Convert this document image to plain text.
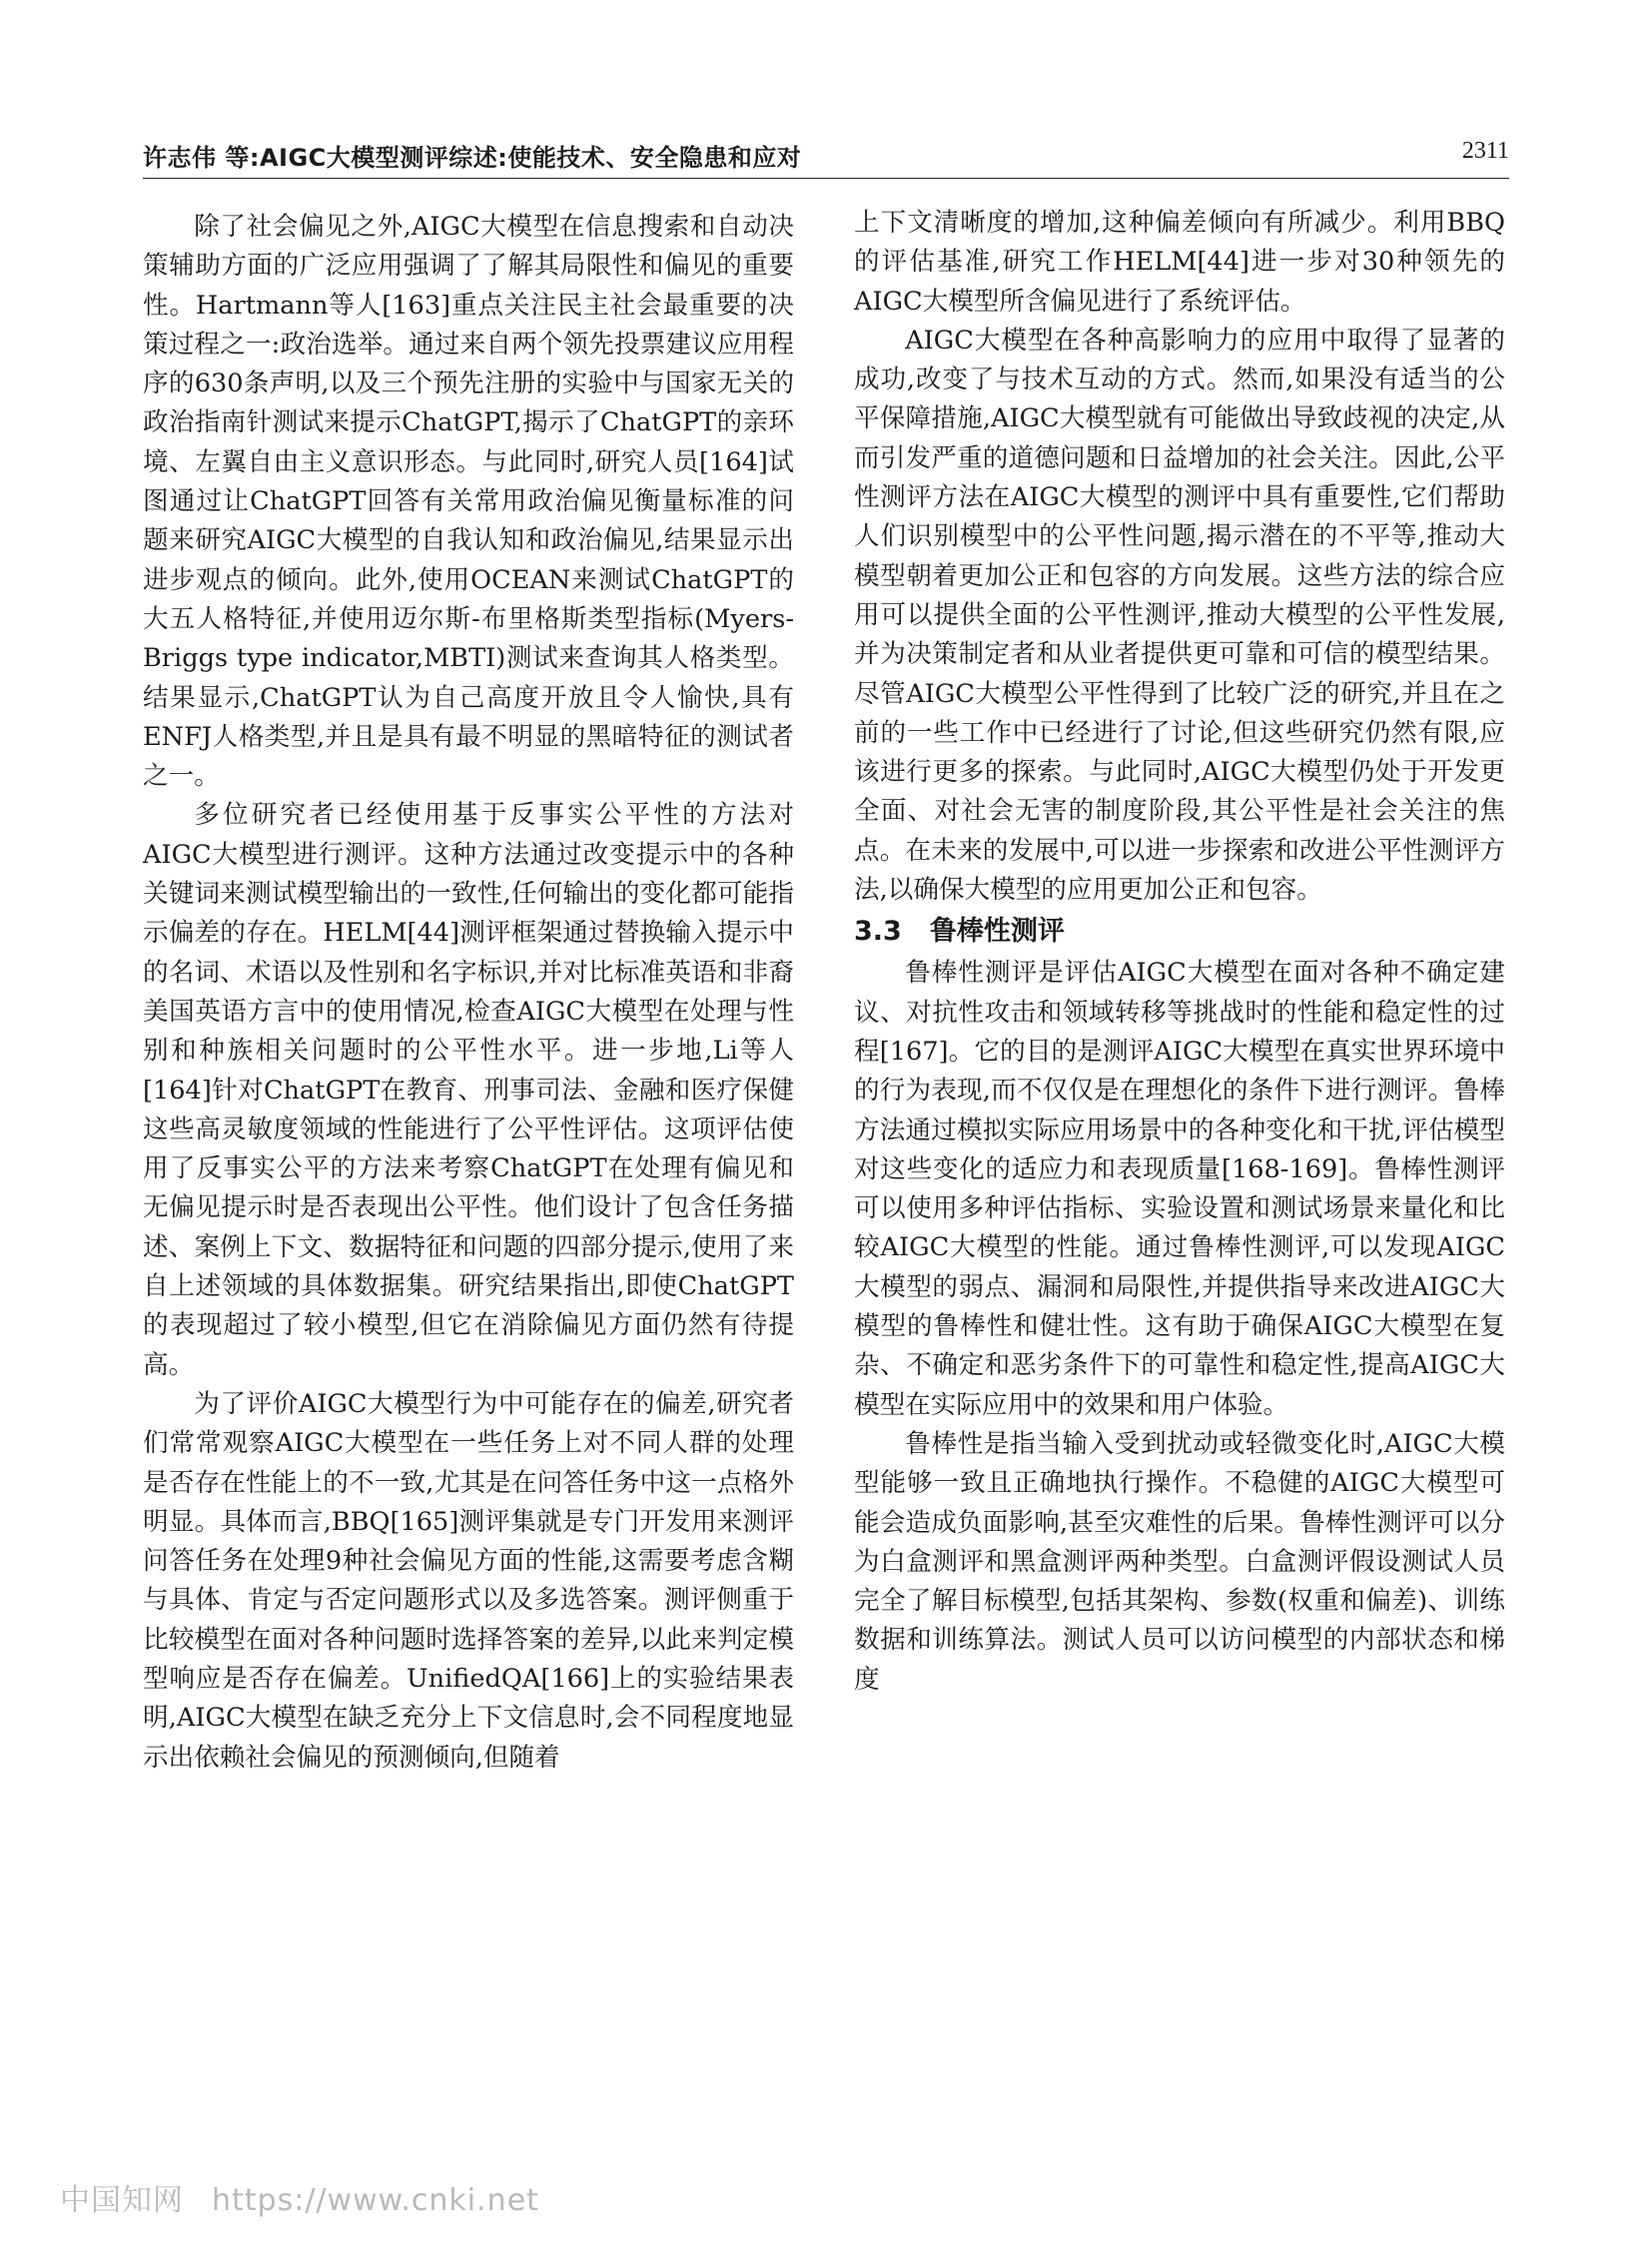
许志伟 等:AIGC大模型测评综述:使能技术、安全隐患和应对	2311

除了社会偏见之外,AIGC大模型在信息搜索和自动决策辅助方面的广泛应用强调了了解其局限性和偏见的重要性。Hartmann等人[163]重点关注民主社会最重要的决策过程之一:政治选举。通过来自两个领先投票建议应用程序的630条声明,以及三个预先注册的实验中与国家无关的政治指南针测试来提示ChatGPT,揭示了ChatGPT的亲环境、左翼自由主义意识形态。与此同时,研究人员[164]试图通过让ChatGPT回答有关常用政治偏见衡量标准的问题来研究AIGC大模型的自我认知和政治偏见,结果显示出进步观点的倾向。此外,使用OCEAN来测试ChatGPT的大五人格特征,并使用迈尔斯-布里格斯类型指标(Myers-Briggs type indicator,MBTI)测试来查询其人格类型。结果显示,ChatGPT认为自己高度开放且令人愉快,具有ENFJ人格类型,并且是具有最不明显的黑暗特征的测试者之一。

多位研究者已经使用基于反事实公平性的方法对AIGC大模型进行测评。这种方法通过改变提示中的各种关键词来测试模型输出的一致性,任何输出的变化都可能指示偏差的存在。HELM[44]测评框架通过替换输入提示中的名词、术语以及性别和名字标识,并对比标准英语和非裔美国英语方言中的使用情况,检查AIGC大模型在处理与性别和种族相关问题时的公平性水平。进一步地,Li等人[164]针对ChatGPT在教育、刑事司法、金融和医疗保健这些高灵敏度领域的性能进行了公平性评估。这项评估使用了反事实公平的方法来考察ChatGPT在处理有偏见和无偏见提示时是否表现出公平性。他们设计了包含任务描述、案例上下文、数据特征和问题的四部分提示,使用了来自上述领域的具体数据集。研究结果指出,即使ChatGPT的表现超过了较小模型,但它在消除偏见方面仍然有待提高。

为了评价AIGC大模型行为中可能存在的偏差,研究者们常常观察AIGC大模型在一些任务上对不同人群的处理是否存在性能上的不一致,尤其是在问答任务中这一点格外明显。具体而言,BBQ[165]测评集就是专门开发用来测评问答任务在处理9种社会偏见方面的性能,这需要考虑含糊与具体、肯定与否定问题形式以及多选答案。测评侧重于比较模型在面对各种问题时选择答案的差异,以此来判定模型响应是否存在偏差。UnifiedQA[166]上的实验结果表明,AIGC大模型在缺乏充分上下文信息时,会不同程度地显示出依赖社会偏见的预测倾向,但随着

上下文清晰度的增加,这种偏差倾向有所减少。利用BBQ的评估基准,研究工作HELM[44]进一步对30种领先的AIGC大模型所含偏见进行了系统评估。

AIGC大模型在各种高影响力的应用中取得了显著的成功,改变了与技术互动的方式。然而,如果没有适当的公平保障措施,AIGC大模型就有可能做出导致歧视的决定,从而引发严重的道德问题和日益增加的社会关注。因此,公平性测评方法在AIGC大模型的测评中具有重要性,它们帮助人们识别模型中的公平性问题,揭示潜在的不平等,推动大模型朝着更加公正和包容的方向发展。这些方法的综合应用可以提供全面的公平性测评,推动大模型的公平性发展,并为决策制定者和从业者提供更可靠和可信的模型结果。尽管AIGC大模型公平性得到了比较广泛的研究,并且在之前的一些工作中已经进行了讨论,但这些研究仍然有限,应该进行更多的探索。与此同时,AIGC大模型仍处于开发更全面、对社会无害的制度阶段,其公平性是社会关注的焦点。在未来的发展中,可以进一步探索和改进公平性测评方法,以确保大模型的应用更加公正和包容。

3.3 鲁棒性测评

鲁棒性测评是评估AIGC大模型在面对各种不确定建议、对抗性攻击和领域转移等挑战时的性能和稳定性的过程[167]。它的目的是测评AIGC大模型在真实世界环境中的行为表现,而不仅仅是在理想化的条件下进行测评。鲁棒方法通过模拟实际应用场景中的各种变化和干扰,评估模型对这些变化的适应力和表现质量[168-169]。鲁棒性测评可以使用多种评估指标、实验设置和测试场景来量化和比较AIGC大模型的性能。通过鲁棒性测评,可以发现AIGC大模型的弱点、漏洞和局限性,并提供指导来改进AIGC大模型的鲁棒性和健壮性。这有助于确保AIGC大模型在复杂、不确定和恶劣条件下的可靠性和稳定性,提高AIGC大模型在实际应用中的效果和用户体验。

鲁棒性是指当输入受到扰动或轻微变化时,AIGC大模型能够一致且正确地执行操作。不稳健的AIGC大模型可能会造成负面影响,甚至灾难性的后果。鲁棒性测评可以分为白盒测评和黑盒测评两种类型。白盒测评假设测试人员完全了解目标模型,包括其架构、参数(权重和偏差)、训练数据和训练算法。测试人员可以访问模型的内部状态和梯度

中国知网 https://www.cnki.net
